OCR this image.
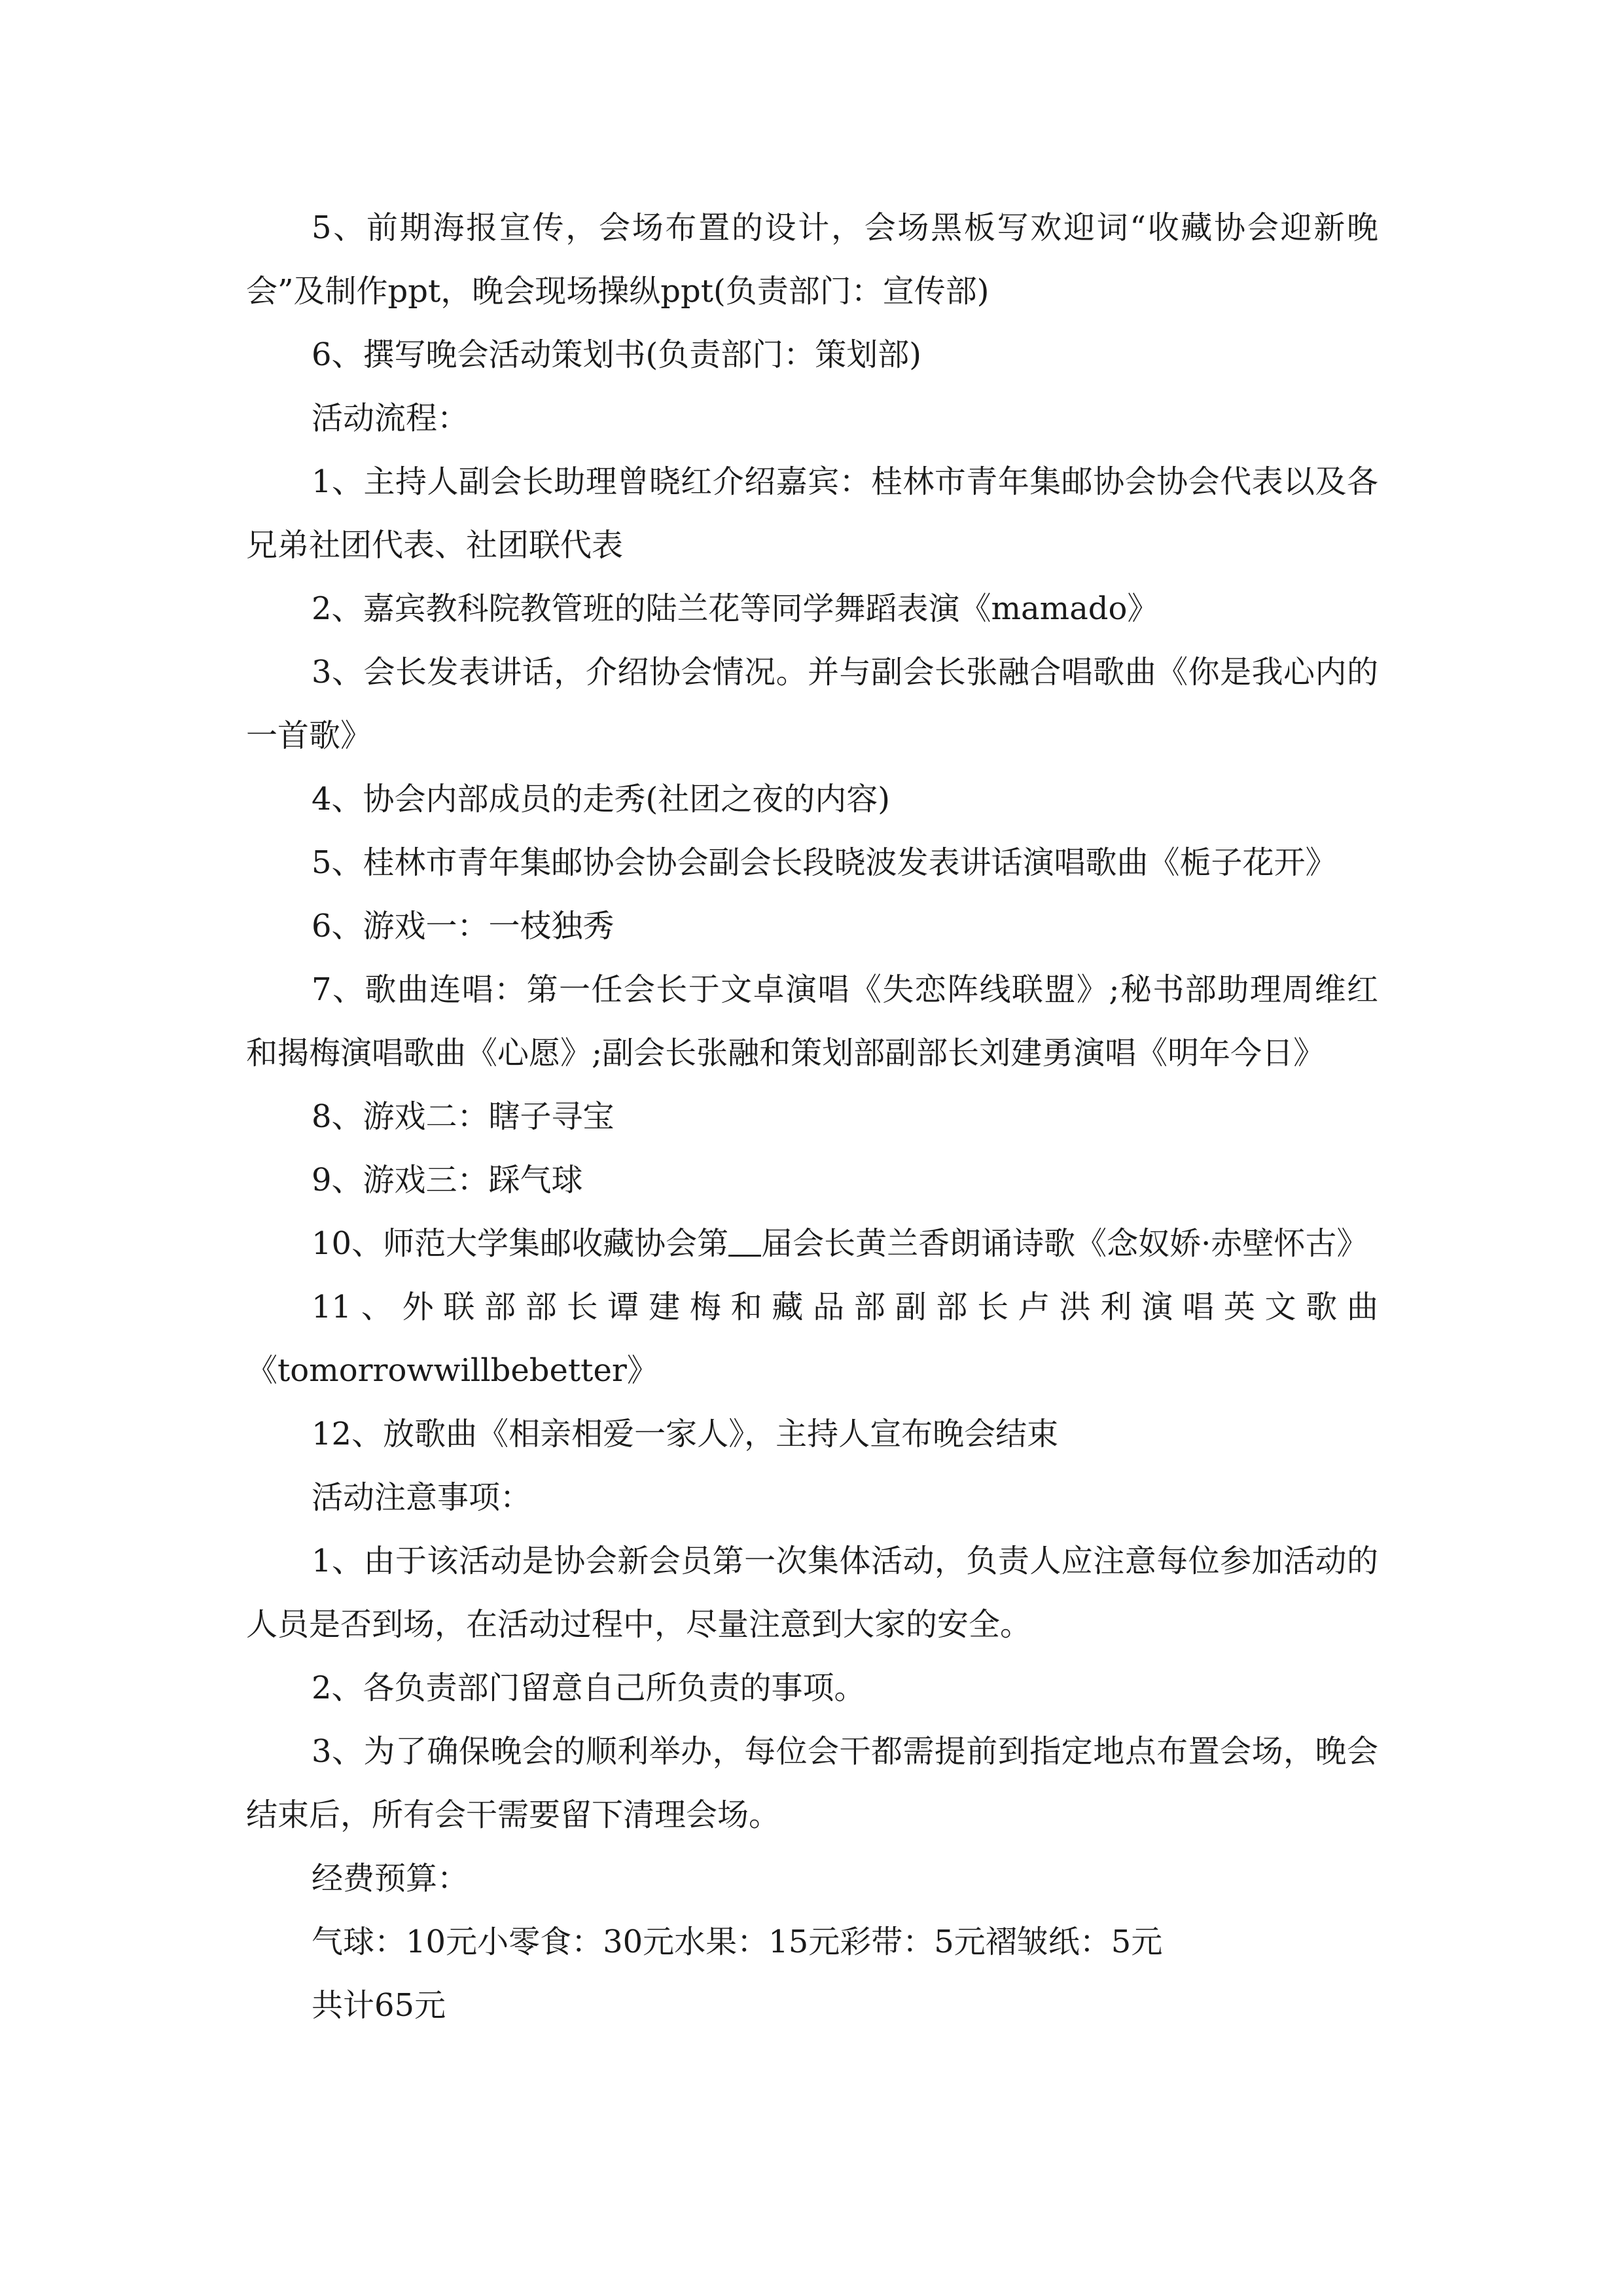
5、前期海报宣传，会场布置的设计，会场黑板写欢迎词“收藏协会迎新晚会”及制作ppt，晚会现场操纵ppt(负责部门：宣传部)

6、撰写晚会活动策划书(负责部门：策划部)

活动流程：

1、主持人副会长助理曾晓红介绍嘉宾：桂林市青年集邮协会协会代表以及各兄弟社团代表、社团联代表

2、嘉宾教科院教管班的陆兰花等同学舞蹈表演《mamado》

3、会长发表讲话，介绍协会情况。并与副会长张融合唱歌曲《你是我心内的一首歌》

4、协会内部成员的走秀(社团之夜的内容)

5、桂林市青年集邮协会协会副会长段晓波发表讲话演唱歌曲《栀子花开》

6、游戏一：一枝独秀

7、歌曲连唱：第一任会长于文卓演唱《失恋阵线联盟》;秘书部助理周维红和揭梅演唱歌曲《心愿》;副会长张融和策划部副部长刘建勇演唱《明年今日》

8、游戏二：瞎子寻宝

9、游戏三：踩气球

10、师范大学集邮收藏协会第 届会长黄兰香朗诵诗歌《念奴娇·赤壁怀古》

11、外联部部长谭建梅和藏品部副部长卢洪利演唱英文歌曲

《tomorrowwillbebetter》

12、放歌曲《相亲相爱一家人》，主持人宣布晚会结束

活动注意事项：

1、由于该活动是协会新会员第一次集体活动，负责人应注意每位参加活动的人员是否到场，在活动过程中，尽量注意到大家的安全。

2、各负责部门留意自己所负责的事项。

3、为了确保晚会的顺利举办，每位会干都需提前到指定地点布置会场，晚会结束后，所有会干需要留下清理会场。

经费预算：

气球：10元小零食：30元水果：15元彩带：5元褶皱纸：5元

共计65元
